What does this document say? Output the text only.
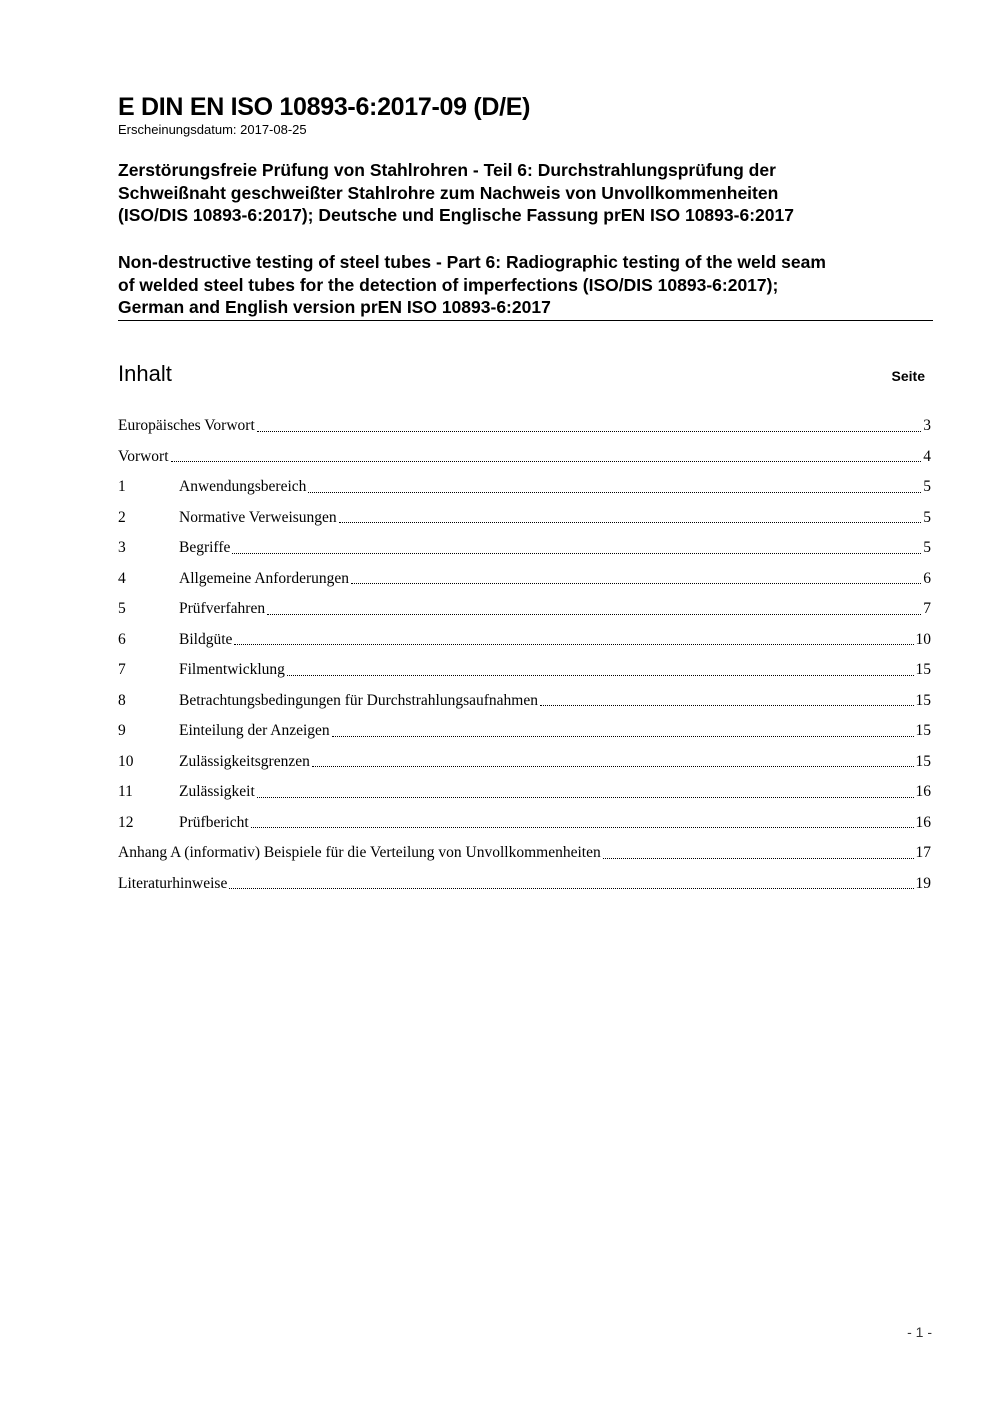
E DIN EN ISO 10893-6:2017-09 (D/E)
Erscheinungsdatum: 2017-08-25
Zerstörungsfreie Prüfung von Stahlrohren - Teil 6: Durchstrahlungsprüfung der
Schweißnaht geschweißter Stahlrohre zum Nachweis von Unvollkommenheiten
(ISO/DIS 10893-6:2017); Deutsche und Englische Fassung prEN ISO 10893-6:2017
Non-destructive testing of steel tubes - Part 6: Radiographic testing of the weld seam
of welded steel tubes for the detection of imperfections (ISO/DIS 10893-6:2017);
German and English version prEN ISO 10893-6:2017
Inhalt	Seite
Europäisches Vorwort	3
Vorwort	4
1	Anwendungsbereich	5
2	Normative Verweisungen	5
3	Begriffe	5
4	Allgemeine Anforderungen	6
5	Prüfverfahren	7
6	Bildgüte	10
7	Filmentwicklung	15
8	Betrachtungsbedingungen für Durchstrahlungsaufnahmen	15
9	Einteilung der Anzeigen	15
10	Zulässigkeitsgrenzen	15
11	Zulässigkeit	16
12	Prüfbericht	16
Anhang A (informativ) Beispiele für die Verteilung von Unvollkommenheiten	17
Literaturhinweise	19
- 1 -
